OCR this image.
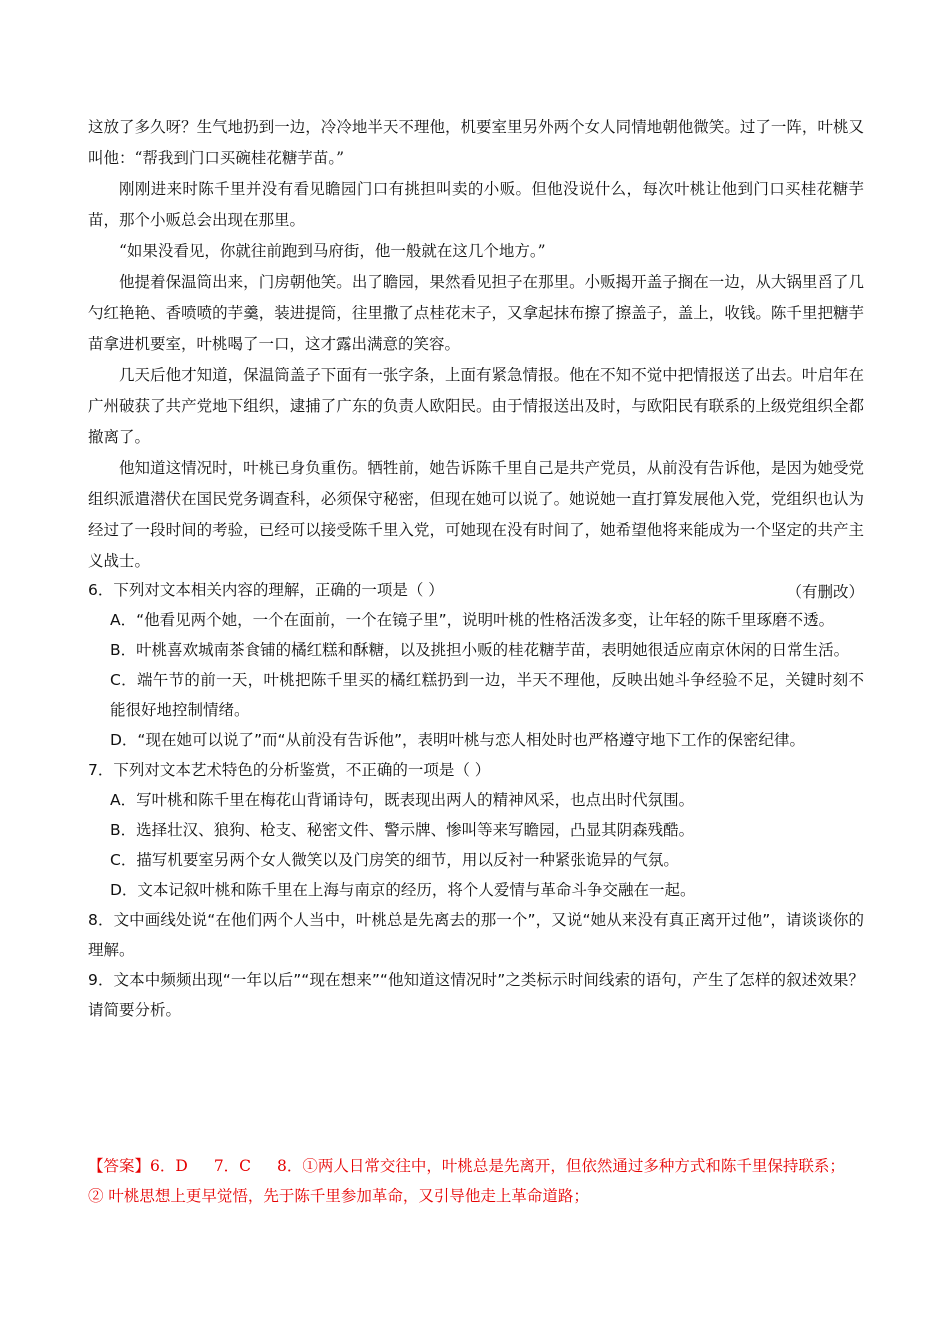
这放了多久呀？生气地扔到一边，冷冷地半天不理他，机要室里另外两个女人同情地朝他微笑。过了一阵，叶桃又叫他：“帮我到门口买碗桂花糖芋苗。”

刚刚进来时陈千里并没有看见瞻园门口有挑担叫卖的小贩。但他没说什么，每次叶桃让他到门口买桂花糖芋苗，那个小贩总会出现在那里。

“如果没看见，你就往前跑到马府街，他一般就在这几个地方。”

他提着保温筒出来，门房朝他笑。出了瞻园，果然看见担子在那里。小贩揭开盖子搁在一边，从大锅里舀了几勺红艳艳、香喷喷的芋羹，装进提筒，往里撒了点桂花末子，又拿起抹布擦了擦盖子，盖上，收钱。陈千里把糖芋苗拿进机要室，叶桃喝了一口，这才露出满意的笑容。

几天后他才知道，保温筒盖子下面有一张字条，上面有紧急情报。他在不知不觉中把情报送了出去。叶启年在广州破获了共产党地下组织，逮捕了广东的负责人欧阳民。由于情报送出及时，与欧阳民有联系的上级党组织全都撤离了。

他知道这情况时，叶桃已身负重伤。牺牲前，她告诉陈千里自己是共产党员，从前没有告诉他，是因为她受党组织派遣潜伏在国民党务调查科，必须保守秘密，但现在她可以说了。她说她一直打算发展他入党，党组织也认为经过了一段时间的考验，已经可以接受陈千里入党，可她现在没有时间了，她希望他将来能成为一个坚定的共产主义战士。

（有删改）

6．下列对文本相关内容的理解，正确的一项是（ ）

A．“他看见两个她，一个在面前，一个在镜子里”，说明叶桃的性格活泼多变，让年轻的陈千里琢磨不透。

B．叶桃喜欢城南茶食铺的橘红糕和酥糖，以及挑担小贩的桂花糖芋苗，表明她很适应南京休闲的日常生活。

C．端午节的前一天，叶桃把陈千里买的橘红糕扔到一边，半天不理他，反映出她斗争经验不足，关键时刻不能很好地控制情绪。

D．“现在她可以说了”而“从前没有告诉他”，表明叶桃与恋人相处时也严格遵守地下工作的保密纪律。

7．下列对文本艺术特色的分析鉴赏，不正确的一项是（ ）

A．写叶桃和陈千里在梅花山背诵诗句，既表现出两人的精神风采，也点出时代氛围。

B．选择壮汉、狼狗、枪支、秘密文件、警示牌、惨叫等来写瞻园，凸显其阴森残酷。

C．描写机要室另两个女人微笑以及门房笑的细节，用以反衬一种紧张诡异的气氛。

D．文本记叙叶桃和陈千里在上海与南京的经历，将个人爱情与革命斗争交融在一起。

8．文中画线处说“在他们两个人当中，叶桃总是先离去的那一个”，又说“她从来没有真正离开过他”，请谈谈你的理解。

9．文本中频频出现“一年以后”“现在想来”“他知道这情况时”之类标示时间线索的语句，产生了怎样的叙述效果？请简要分析。

【答案】6．D 7．C 8．①两人日常交往中，叶桃总是先离开，但依然通过多种方式和陈千里保持联系；

② 叶桃思想上更早觉悟，先于陈千里参加革命，又引导他走上革命道路；
